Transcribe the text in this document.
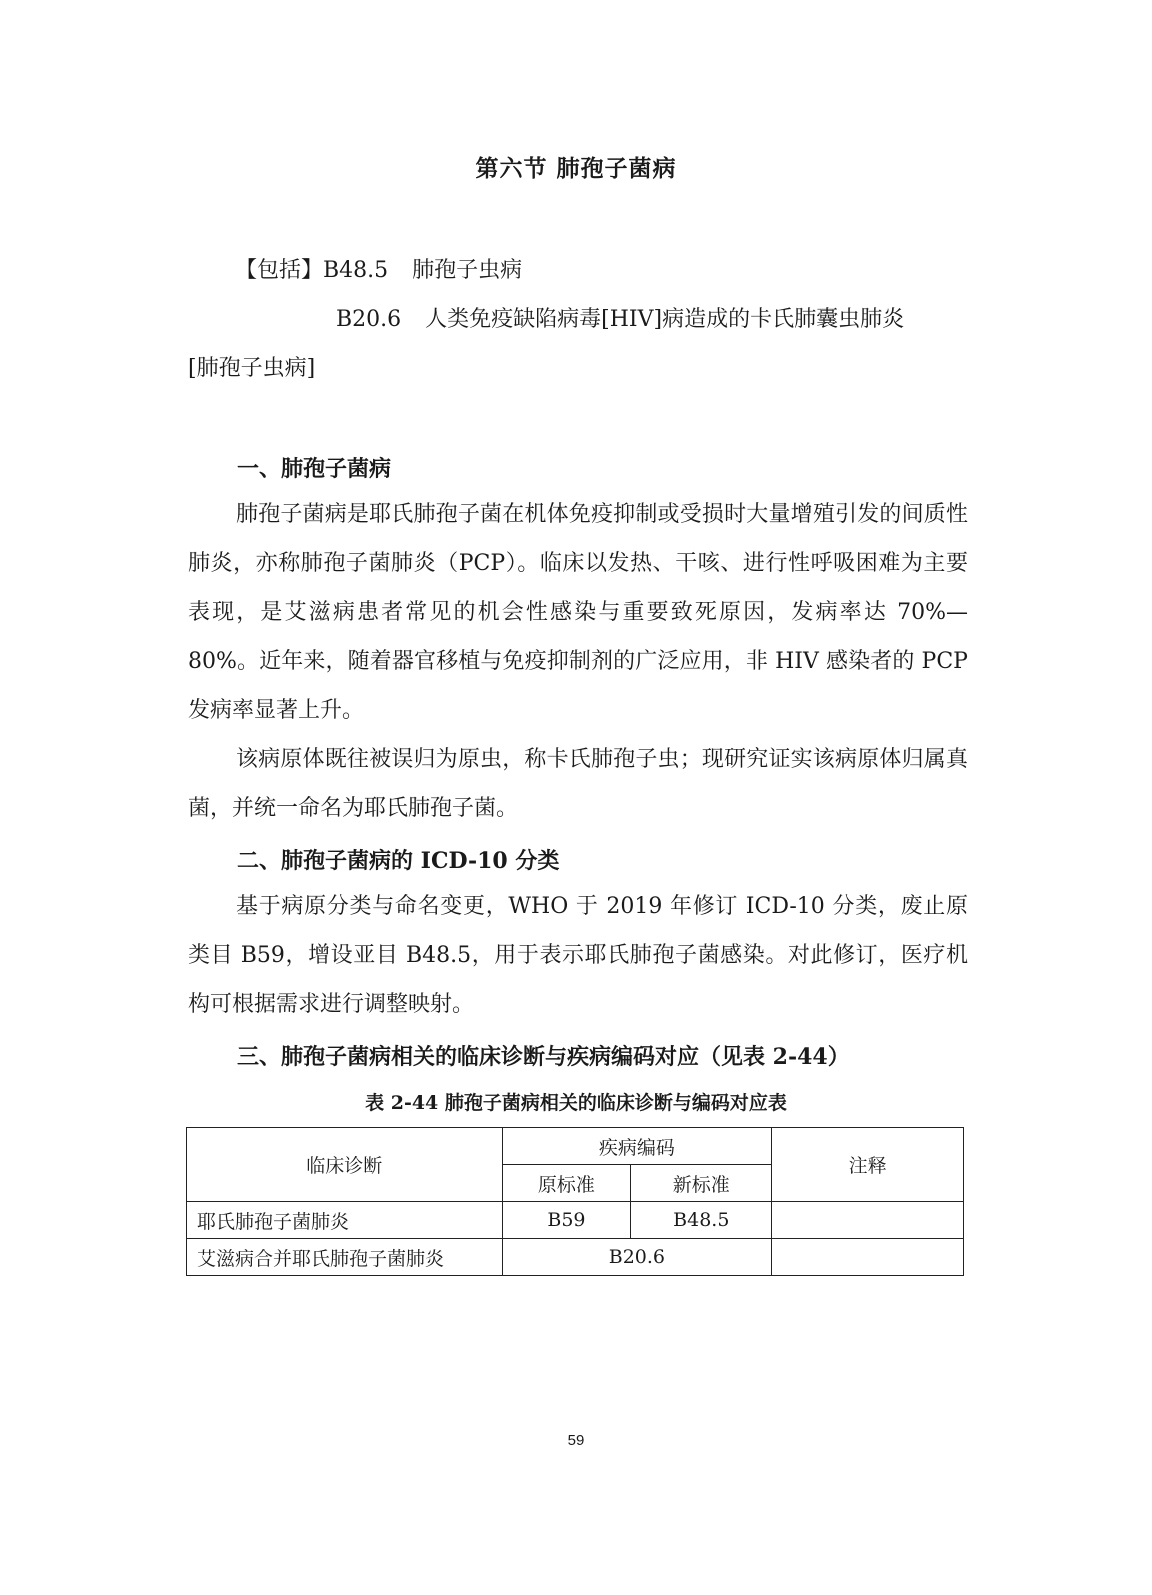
第六节 肺孢子菌病
【包括】B48.5 肺孢子虫病
B20.6 人类免疫缺陷病毒[HIV]病造成的卡氏肺囊虫肺炎
[肺孢子虫病]
一、肺孢子菌病

肺孢子菌病是耶氏肺孢子菌在机体免疫抑制或受损时大量增殖引发的间质性肺炎，亦称肺孢子菌肺炎（PCP）。临床以发热、干咳、进行性呼吸困难为主要表现，是艾滋病患者常见的机会性感染与重要致死原因，发病率达 70%—80%。近年来，随着器官移植与免疫抑制剂的广泛应用，非 HIV 感染者的 PCP 发病率显著上升。

该病原体既往被误归为原虫，称卡氏肺孢子虫；现研究证实该病原体归属真菌，并统一命名为耶氏肺孢子菌。

二、肺孢子菌病的 ICD-10 分类

基于病原分类与命名变更，WHO 于 2019 年修订 ICD-10 分类，废止原类目 B59，增设亚目 B48.5，用于表示耶氏肺孢子菌感染。对此修订，医疗机构可根据需求进行调整映射。

三、肺孢子菌病相关的临床诊断与疾病编码对应（见表 2-44）
表 2-44 肺孢子菌病相关的临床诊断与编码对应表
临床诊断	疾病编码		注释
	原标准	新标准	
耶氏肺孢子菌肺炎	B59	B48.5	
艾滋病合并耶氏肺孢子菌肺炎	B20.6		
59
